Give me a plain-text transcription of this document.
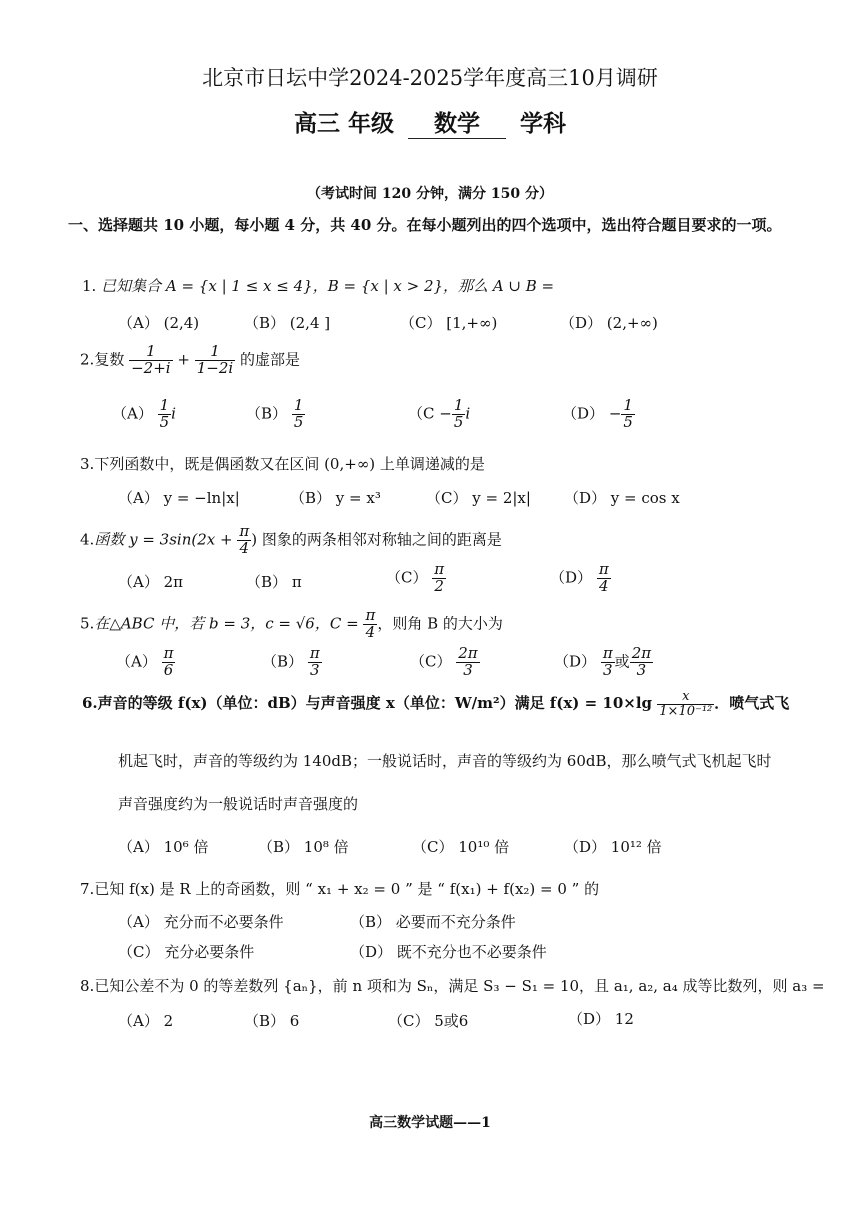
北京市日坛中学2024-2025学年度高三10月调研
高三 年级 数学 学科
（考试时间 120 分钟，满分 150 分）
一、选择题共 10 小题，每小题 4 分，共 40 分。在每小题列出的四个选项中，选出符合题目要求的一项。
1. 已知集合 A = {x | 1 ≤ x ≤ 4}，B = {x | x > 2}，那么 A ∪ B =
（A） (2,4)	（B） (2,4 ]	（C） [1,+∞)	（D） (2,+∞)
2.复数 $\frac{1}{-2+i} + \frac{1}{1-2i}$ 的虚部是
$(A) \frac{1}{5}$ i	$(B) \frac{1}{5}$	（$C - \frac{1}{5}$ i	$(D) - \frac{1}{5}$
3.下列函数中，既是偶函数又在区间 (0,+∞) 上单调递减的是
（A） y = −ln|x|	（B） y = x³	（C） y = 2|x| （D） y = cos x
4.函数 $y = 3\sin(2x + \frac{\pi}{4}$ ) 图象的两条相邻对称轴之间的距离是
（A） 2π	（B） π	$(C) \frac{\pi}{2}$	$(D) \frac{\pi}{4}$
5.在△ABC 中，若 b = 3，c = √6，$C = \frac{\pi}{4}$ ，则角 B 的大小为
$(A) \frac{\pi}{6}$	$(B) \frac{\pi}{3}$	$(C) \frac{2\pi}{3}$	$(D) \frac{\pi}{3}$ 或 $\frac{2\pi}{3}$
6.声音的等级 f(x)（单位：dB）与声音强度 x（单位：W/m²）满足 $f(x) = 10\times\lg \frac{x}{\text{1×10⁻¹²}}$ ．喷气式飞
机起飞时，声音的等级约为 140dB；一般说话时，声音的等级约为 60dB，那么喷气式飞机起飞时
声音强度约为一般说话时声音强度的
（A） 10⁶ 倍	（B） 10⁸ 倍	（C） 10¹⁰ 倍	（D） 10¹² 倍
7.已知 f(x) 是 R 上的奇函数，则 “ x₁ + x₂ = 0 ” 是 “ f(x₁) + f(x₂) = 0 ” 的
（A） 充分而不必要条件	（B） 必要而不充分条件
（C） 充分必要条件	（D） 既不充分也不必要条件
8.已知公差不为 0 的等差数列 {aₙ}，前 n 项和为 Sₙ，满足 S₃ − S₁ = 10，且 a₁, a₂, a₄ 成等比数列，则 a₃ =
（A） 2	（B） 6	（C） 5或6	（D） 12
高三数学试题——1
